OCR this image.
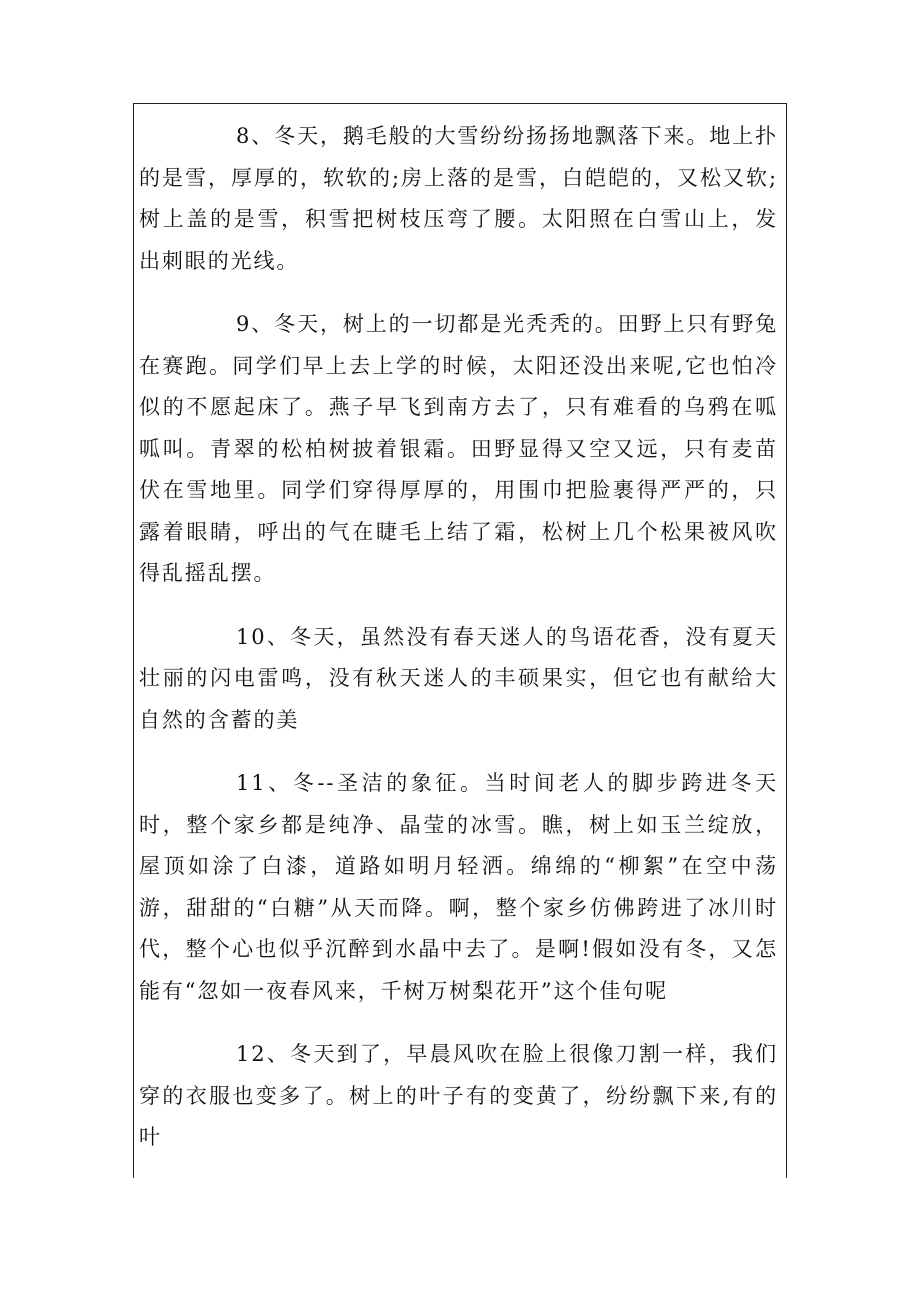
8、冬天，鹅毛般的大雪纷纷扬扬地飘落下来。地上扑的是雪，厚厚的，软软的;房上落的是雪，白皑皑的，又松又软;树上盖的是雪，积雪把树枝压弯了腰。太阳照在白雪山上，发出刺眼的光线。

9、冬天，树上的一切都是光秃秃的。田野上只有野兔在赛跑。同学们早上去上学的时候，太阳还没出来呢,它也怕冷似的不愿起床了。燕子早飞到南方去了，只有难看的乌鸦在呱呱叫。青翠的松柏树披着银霜。田野显得又空又远，只有麦苗伏在雪地里。同学们穿得厚厚的，用围巾把脸裹得严严的，只露着眼睛，呼出的气在睫毛上结了霜，松树上几个松果被风吹得乱摇乱摆。

10、冬天，虽然没有春天迷人的鸟语花香，没有夏天壮丽的闪电雷鸣，没有秋天迷人的丰硕果实，但它也有献给大自然的含蓄的美

11、冬--圣洁的象征。当时间老人的脚步跨进冬天时，整个家乡都是纯净、晶莹的冰雪。瞧，树上如玉兰绽放，屋顶如涂了白漆，道路如明月轻洒。绵绵的“柳絮”在空中荡游，甜甜的“白糖”从天而降。啊，整个家乡仿佛跨进了冰川时代，整个心也似乎沉醉到水晶中去了。是啊!假如没有冬，又怎能有“忽如一夜春风来，千树万树梨花开”这个佳句呢

12、冬天到了，早晨风吹在脸上很像刀割一样，我们穿的衣服也变多了。树上的叶子有的变黄了，纷纷飘下来,有的叶
